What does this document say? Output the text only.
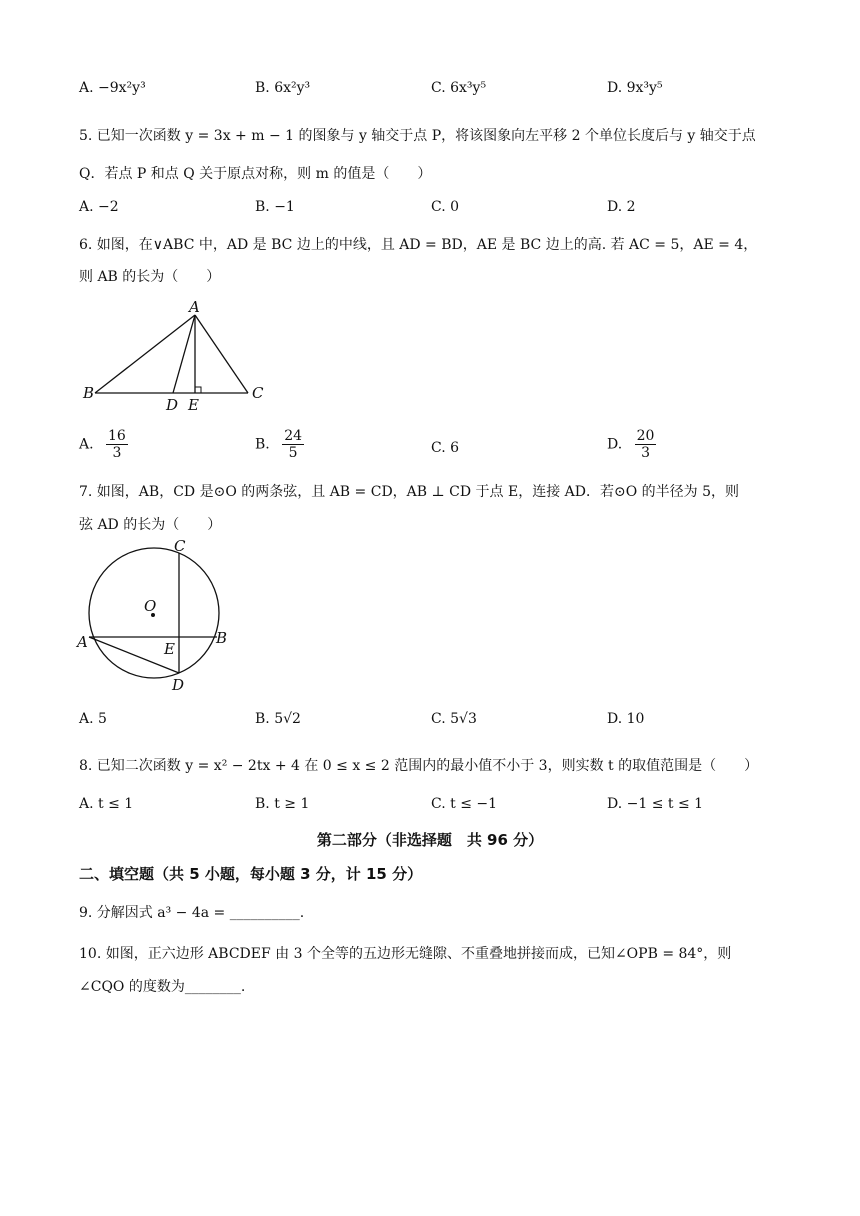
A. −9x²y³	B. 6x²y³	C. 6x³y⁵	D. 9x³y⁵
5. 已知一次函数 y = 3x + m − 1 的图象与 y 轴交于点 P，将该图象向左平移 2 个单位长度后与 y 轴交于点
Q．若点 P 和点 Q 关于原点对称，则 m 的值是（　　）
A. −2	B. −1	C. 0	D. 2
6. 如图，在∨ABC 中，AD 是 BC 边上的中线，且 AD = BD，AE 是 BC 边上的高. 若 AC = 5，AE = 4，
则 AB 的长为（　　）
A
B	C
D E
A. $\frac{16}{3}$	B. $\frac{24}{5}$	C. 6	D. $\frac{20}{3}$
7. 如图，AB，CD 是⊙O 的两条弦，且 AB = CD，AB ⊥ CD 于点 E，连接 AD．若⊙O 的半径为 5，则
弦 AD 的长为（　　）
C
O
A	B
E
D
A. 5	B. 5√2	C. 5√3	D. 10
8. 已知二次函数 y = x² − 2tx + 4 在 0 ≤ x ≤ 2 范围内的最小值不小于 3，则实数 t 的取值范围是（　　）
A. t ≤ 1	B. t ≥ 1	C. t ≤ −1	D. −1 ≤ t ≤ 1
第二部分（非选择题　共 96 分）
二、填空题（共 5 小题，每小题 3 分，计 15 分）
9. 分解因式 a³ − 4a = __________.
10. 如图，正六边形 ABCDEF 由 3 个全等的五边形无缝隙、不重叠地拼接而成，已知∠OPB = 84°，则
∠CQO 的度数为________.
